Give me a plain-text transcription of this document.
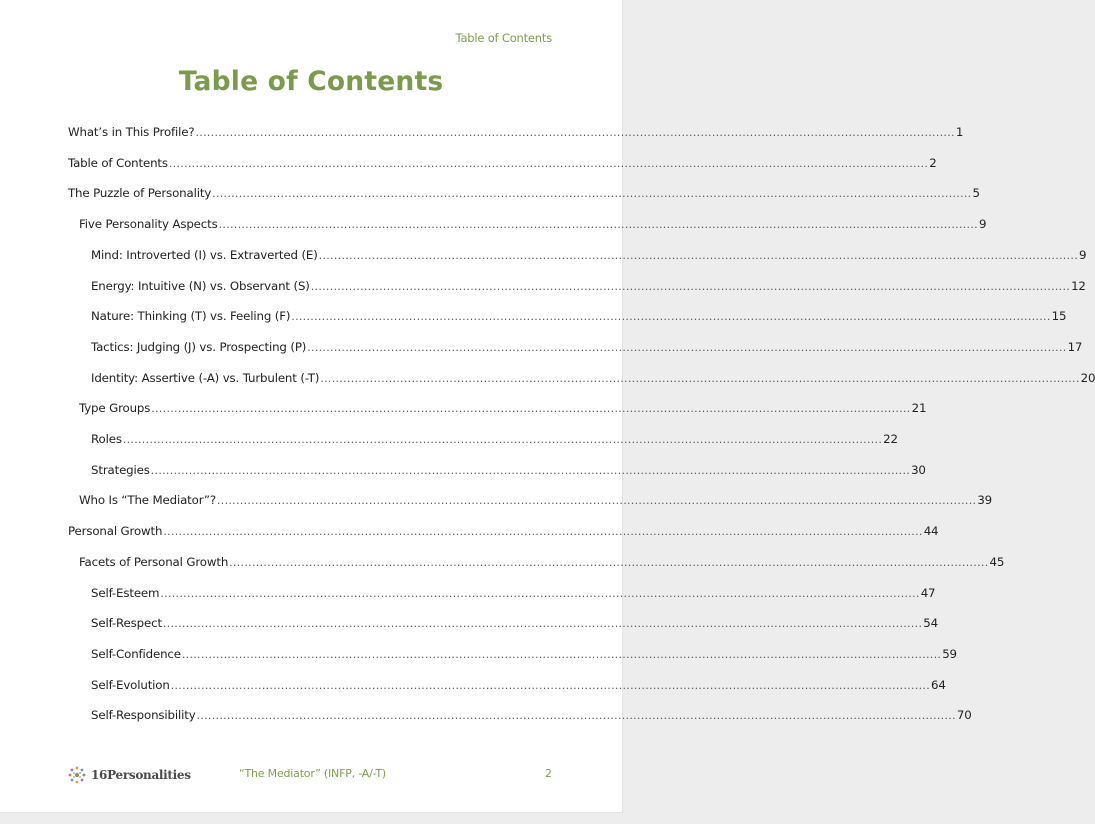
Table of Contents
Table of Contents
What’s in This Profile? ........................................................................................................................................................................................................ 1
Table of Contents ........................................................................................................................................................................................................ 2
The Puzzle of Personality ........................................................................................................................................................................................................ 5
Five Personality Aspects ........................................................................................................................................................................................................ 9
Mind: Introverted (I) vs. Extraverted (E) ........................................................................................................................................................................................................ 9
Energy: Intuitive (N) vs. Observant (S) ........................................................................................................................................................................................................ 12
Nature: Thinking (T) vs. Feeling (F) ........................................................................................................................................................................................................ 15
Tactics: Judging (J) vs. Prospecting (P) ........................................................................................................................................................................................................ 17
Identity: Assertive (-A) vs. Turbulent (-T) ........................................................................................................................................................................................................ 20
Type Groups ........................................................................................................................................................................................................ 21
Roles ........................................................................................................................................................................................................ 22
Strategies ........................................................................................................................................................................................................ 30
Who Is “The Mediator”? ........................................................................................................................................................................................................ 39
Personal Growth ........................................................................................................................................................................................................ 44
Facets of Personal Growth ........................................................................................................................................................................................................ 45
Self-Esteem ........................................................................................................................................................................................................ 47
Self-Respect ........................................................................................................................................................................................................ 54
Self-Confidence ........................................................................................................................................................................................................ 59
Self-Evolution ........................................................................................................................................................................................................ 64
Self-Responsibility ........................................................................................................................................................................................................ 70
16Personalities	“The Mediator” (INFP, -A/-T)	2
